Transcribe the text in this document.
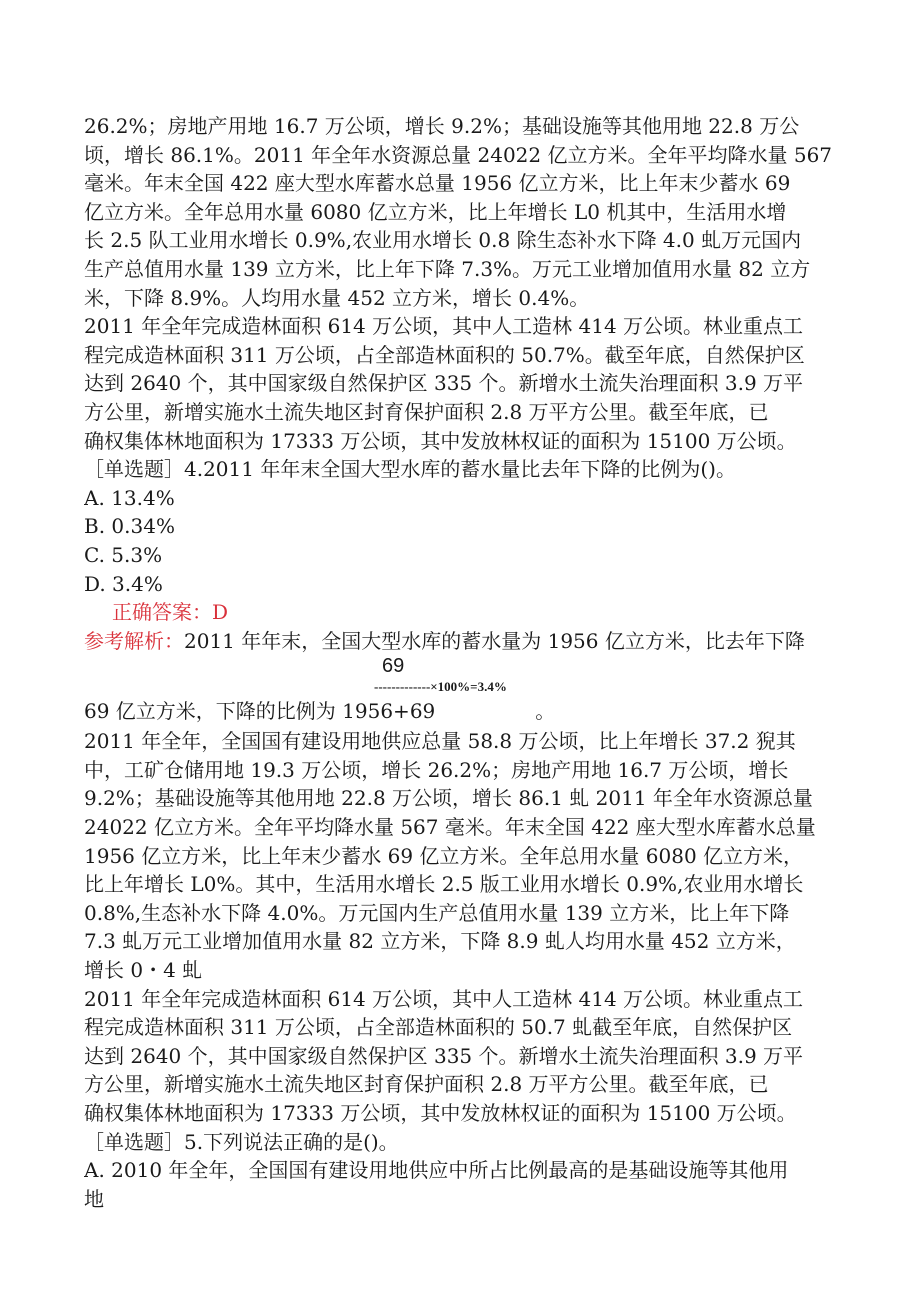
26.2%；房地产用地 16.7 万公顷，增长 9.2%；基础设施等其他用地 22.8 万公
顷，增长 86.1%。2011 年全年水资源总量 24022 亿立方米。全年平均降水量 567
毫米。年末全国 422 座大型水库蓄水总量 1956 亿立方米，比上年末少蓄水 69
亿立方米。全年总用水量 6080 亿立方米，比上年增长 L0 机其中，生活用水增
长 2.5 队工业用水增长 0.9%,农业用水增长 0.8 除生态补水下降 4.0 虬万元国内
生产总值用水量 139 立方米，比上年下降 7.3%。万元工业增加值用水量 82 立方
米，下降 8.9%。人均用水量 452 立方米，增长 0.4%。
2011 年全年完成造林面积 614 万公顷，其中人工造林 414 万公顷。林业重点工
程完成造林面积 311 万公顷，占全部造林面积的 50.7%。截至年底，自然保护区
达到 2640 个，其中国家级自然保护区 335 个。新增水土流失治理面积 3.9 万平
方公里，新增实施水土流失地区封育保护面积 2.8 万平方公里。截至年底，已
确权集体林地面积为 17333 万公顷，其中发放林权证的面积为 15100 万公顷。
［单选题］4.2011 年年末全国大型水库的蓄水量比去年下降的比例为()。
A. 13.4%
B. 0.34%
C. 5.3%
D. 3.4%
正确答案：D
参考解析：2011 年年末，全国大型水库的蓄水量为 1956 亿立方米，比去年下降
69
-------------×100%=3.4%
69 亿立方米，下降的比例为 1956+69	。
2011 年全年，全国国有建设用地供应总量 58.8 万公顷，比上年增长 37.2 猊其
中，工矿仓储用地 19.3 万公顷，增长 26.2%；房地产用地 16.7 万公顷，增长
9.2%；基础设施等其他用地 22.8 万公顷，增长 86.1 虬 2011 年全年水资源总量
24022 亿立方米。全年平均降水量 567 毫米。年末全国 422 座大型水库蓄水总量
1956 亿立方米，比上年末少蓄水 69 亿立方米。全年总用水量 6080 亿立方米，
比上年增长 L0%。其中，生活用水增长 2.5 版工业用水增长 0.9%,农业用水增长
0.8%,生态补水下降 4.0%。万元国内生产总值用水量 139 立方米，比上年下降
7.3 虬万元工业增加值用水量 82 立方米，下降 8.9 虬人均用水量 452 立方米，
增长 0・4 虬
2011 年全年完成造林面积 614 万公顷，其中人工造林 414 万公顷。林业重点工
程完成造林面积 311 万公顷，占全部造林面积的 50.7 虬截至年底，自然保护区
达到 2640 个，其中国家级自然保护区 335 个。新增水土流失治理面积 3.9 万平
方公里，新增实施水土流失地区封育保护面积 2.8 万平方公里。截至年底，已
确权集体林地面积为 17333 万公顷，其中发放林权证的面积为 15100 万公顷。
［单选题］5.下列说法正确的是()。
A. 2010 年全年，全国国有建设用地供应中所占比例最高的是基础设施等其他用
地
